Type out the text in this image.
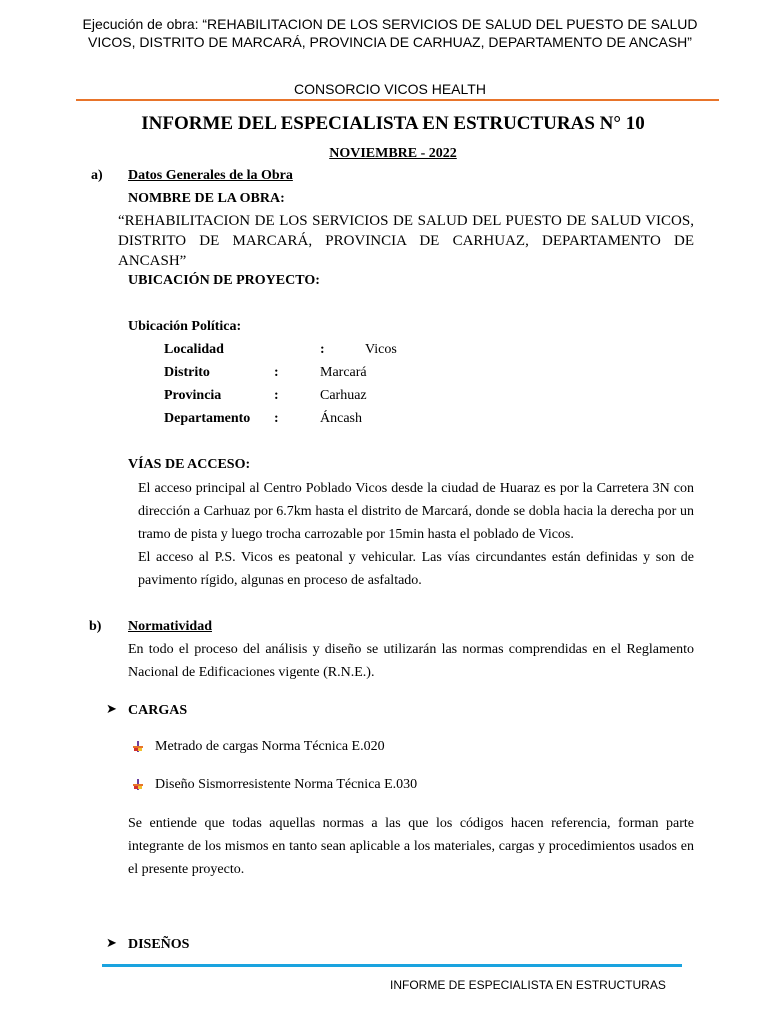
Ejecución de obra: “REHABILITACION DE LOS SERVICIOS DE SALUD DEL PUESTO DE SALUD VICOS, DISTRITO DE MARCARÁ, PROVINCIA DE CARHUAZ, DEPARTAMENTO DE ANCASH”
CONSORCIO VICOS HEALTH
INFORME DEL ESPECIALISTA EN ESTRUCTURAS N° 10
NOVIEMBRE - 2022
a) Datos Generales de la Obra
NOMBRE DE LA OBRA:
“REHABILITACION DE LOS SERVICIOS DE SALUD DEL PUESTO DE SALUD VICOS, DISTRITO DE MARCARÁ, PROVINCIA DE CARHUAZ, DEPARTAMENTO DE ANCASH”
UBICACIÓN DE PROYECTO:
Ubicación Política:
Localidad	:	Vicos
Distrito	:	Marcará
Provincia	:	Carhuaz
Departamento :	Áncash
VÍAS DE ACCESO:
El acceso principal al Centro Poblado Vicos desde la ciudad de Huaraz es por la Carretera 3N con dirección a Carhuaz por 6.7km hasta el distrito de Marcará, donde se dobla hacia la derecha por un tramo de pista y luego trocha carrozable por 15min hasta el poblado de Vicos.
El acceso al P.S. Vicos es peatonal y vehicular. Las vías circundantes están definidas y son de pavimento rígido, algunas en proceso de asfaltado.
b) Normatividad
En todo el proceso del análisis y diseño se utilizarán las normas comprendidas en el Reglamento Nacional de Edificaciones vigente (R.N.E.).
➤ CARGAS
Metrado de cargas Norma Técnica E.020
Diseño Sismorresistente Norma Técnica E.030
Se entiende que todas aquellas normas a las que los códigos hacen referencia, forman parte integrante de los mismos en tanto sean aplicable a los materiales, cargas y procedimientos usados en el presente proyecto.
➤ DISEÑOS
INFORME DE ESPECIALISTA EN ESTRUCTURAS
